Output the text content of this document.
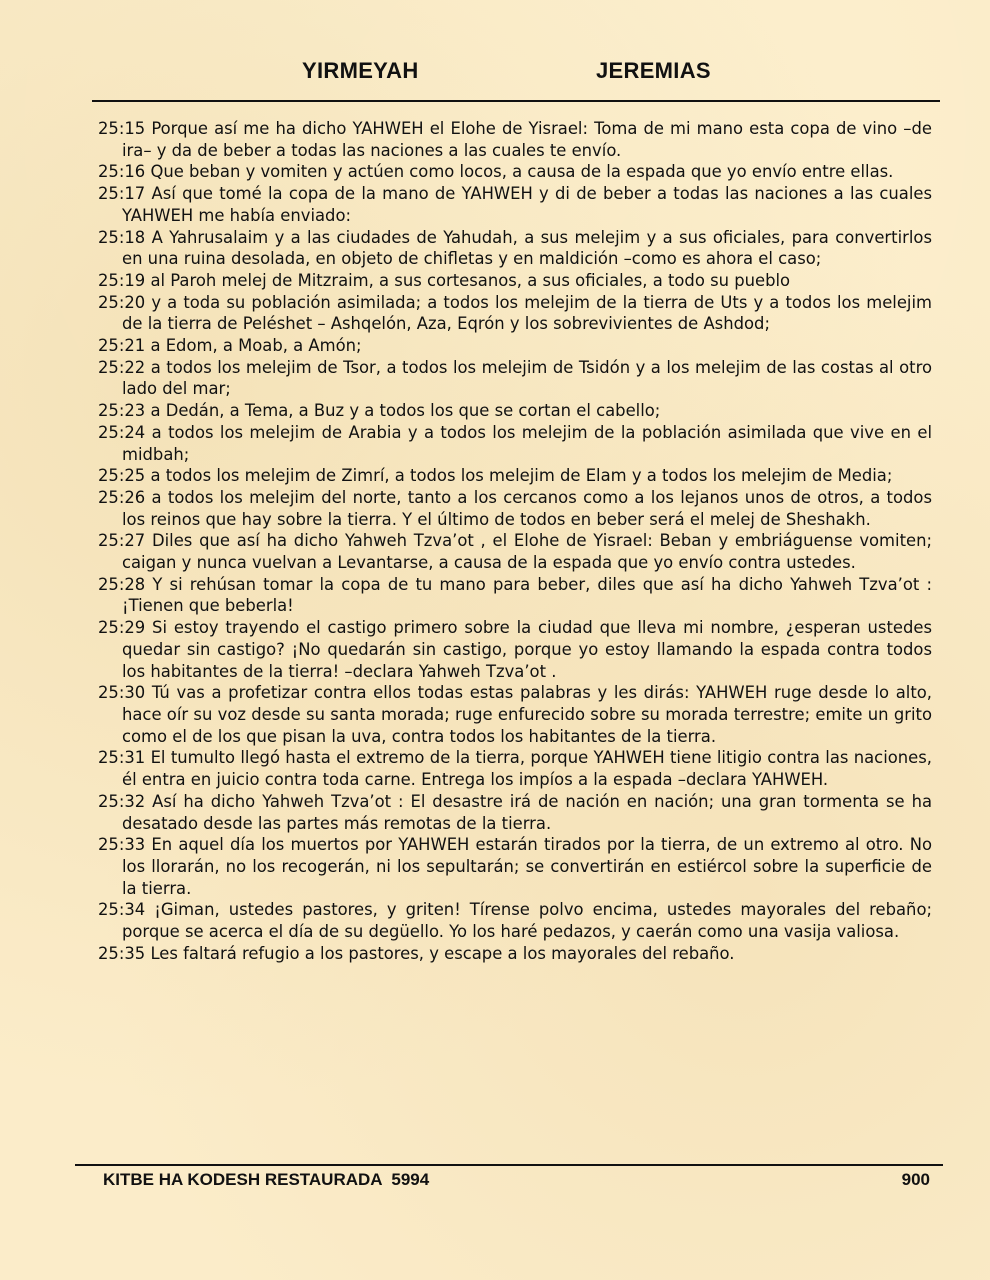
YIRMEYAH	JEREMIAS

25:15 Porque así me ha dicho YAHWEH el Elohe de Yisrael: Toma de mi mano esta copa de vino –de ira– y da de beber a todas las naciones a las cuales te envío.

25:16 Que beban y vomiten y actúen como locos, a causa de la espada que yo envío entre ellas.

25:17 Así que tomé la copa de la mano de YAHWEH y di de beber a todas las naciones a las cuales YAHWEH me había enviado:

25:18 A Yahrusalaim y a las ciudades de Yahudah, a sus melejim y a sus oficiales, para convertirlos en una ruina desolada, en objeto de chifletas y en maldición –como es ahora el caso;

25:19 al Paroh melej de Mitzraim, a sus cortesanos, a sus oficiales, a todo su pueblo

25:20 y a toda su población asimilada; a todos los melejim de la tierra de Uts y a todos los melejim de la tierra de Peléshet – Ashqelón, Aza, Eqrón y los sobrevivientes de Ashdod;

25:21 a Edom, a Moab, a Amón;

25:22 a todos los melejim de Tsor, a todos los melejim de Tsidón y a los melejim de las costas al otro lado del mar;

25:23 a Dedán, a Tema, a Buz y a todos los que se cortan el cabello;

25:24 a todos los melejim de Arabia y a todos los melejim de la población asimilada que vive en el midbah;

25:25 a todos los melejim de Zimrí, a todos los melejim de Elam y a todos los melejim de Media;

25:26 a todos los melejim del norte, tanto a los cercanos como a los lejanos unos de otros, a todos los reinos que hay sobre la tierra. Y el último de todos en beber será el melej de Sheshakh.

25:27 Diles que así ha dicho Yahweh Tzva’ot , el Elohe de Yisrael: Beban y embriáguense vomiten; caigan y nunca vuelvan a Levantarse, a causa de la espada que yo envío contra ustedes.

25:28 Y si rehúsan tomar la copa de tu mano para beber, diles que así ha dicho Yahweh Tzva’ot : ¡Tienen que beberla!

25:29 Si estoy trayendo el castigo primero sobre la ciudad que lleva mi nombre, ¿esperan ustedes quedar sin castigo? ¡No quedarán sin castigo, porque yo estoy llamando la espada contra todos los habitantes de la tierra! –declara Yahweh Tzva’ot .

25:30 Tú vas a profetizar contra ellos todas estas palabras y les dirás: YAHWEH ruge desde lo alto, hace oír su voz desde su santa morada; ruge enfurecido sobre su morada terrestre; emite un grito como el de los que pisan la uva, contra todos los habitantes de la tierra.

25:31 El tumulto llegó hasta el extremo de la tierra, porque YAHWEH tiene litigio contra las naciones, él entra en juicio contra toda carne. Entrega los impíos a la espada –declara YAHWEH.

25:32 Así ha dicho Yahweh Tzva’ot : El desastre irá de nación en nación; una gran tormenta se ha desatado desde las partes más remotas de la tierra.

25:33 En aquel día los muertos por YAHWEH estarán tirados por la tierra, de un extremo al otro. No los llorarán, no los recogerán, ni los sepultarán; se convertirán en estiércol sobre la superficie de la tierra.

25:34 ¡Giman, ustedes pastores, y griten! Tírense polvo encima, ustedes mayorales del rebaño; porque se acerca el día de su degüello. Yo los haré pedazos, y caerán como una vasija valiosa.

25:35 Les faltará refugio a los pastores, y escape a los mayorales del rebaño.

KITBE HA KODESH RESTAURADA  5994	900
